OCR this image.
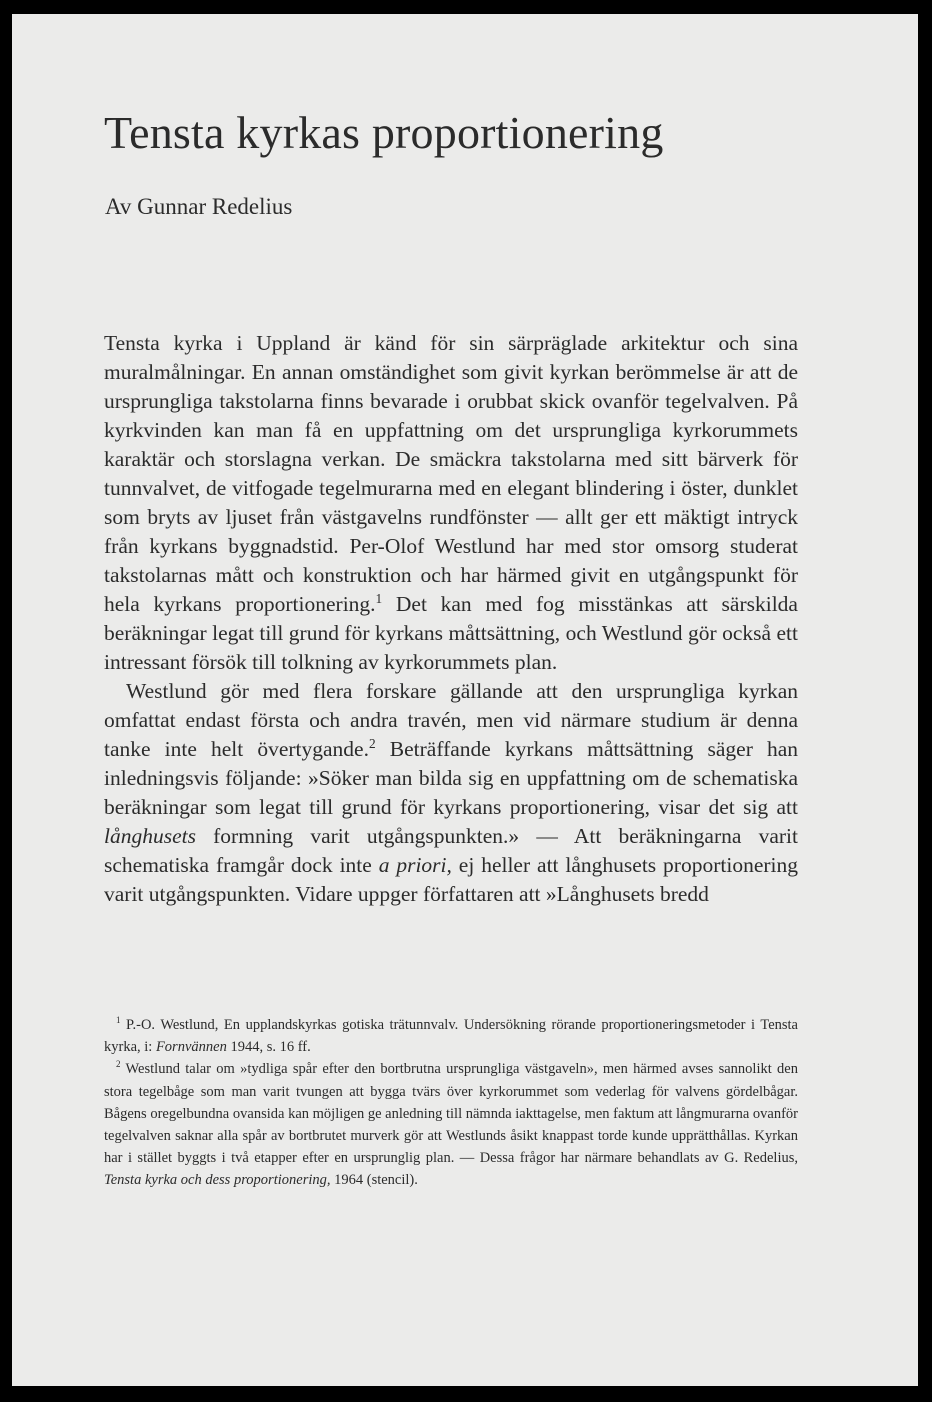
Tensta kyrkas proportionering
Av Gunnar Redelius

Tensta kyrka i Uppland är känd för sin särpräglade arkitektur och sina muralmålningar. En annan omständighet som givit kyrkan berömmelse är att de ursprungliga takstolarna finns bevarade i orubbat skick ovanför tegelvalven. På kyrkvinden kan man få en uppfattning om det ursprungliga kyrkorummets karaktär och storslagna verkan. De smäckra takstolarna med sitt bärverk för tunnvalvet, de vitfogade tegelmurarna med en elegant blindering i öster, dunklet som bryts av ljuset från västgavelns rundfönster — allt ger ett mäktigt intryck från kyrkans byggnadstid. Per-Olof Westlund har med stor omsorg studerat takstolarnas mått och konstruktion och har härmed givit en utgångspunkt för hela kyrkans proportionering.$^1$ Det kan med fog misstänkas att särskilda beräkningar legat till grund för kyrkans måttsättning, och Westlund gör också ett intressant försök till tolkning av kyrkorummets plan.

Westlund gör med flera forskare gällande att den ursprungliga kyrkan omfattat endast första och andra travén, men vid närmare studium är denna tanke inte helt övertygande.$^2$ Beträffande kyrkans måttsättning säger han inledningsvis följande: »Söker man bilda sig en uppfattning om de schematiska beräkningar som legat till grund för kyrkans proportionering, visar det sig att långhusets formning varit utgångspunkten.» — Att beräkningarna varit schematiska framgår dock inte a priori, ej heller att långhusets proportionering varit utgångspunkten. Vidare uppger författaren att »Långhusets bredd

$^1$ P.-O. Westlund, En upplandskyrkas gotiska trätunnvalv. Undersökning rörande proportioneringsmetoder i Tensta kyrka, i: Fornvännen 1944, s. 16 ff.

$^2$ Westlund talar om »tydliga spår efter den bortbrutna ursprungliga västgaveln», men härmed avses sannolikt den stora tegelbåge som man varit tvungen att bygga tvärs över kyrkorummet som vederlag för valvens gördelbågar. Bågens oregelbundna ovansida kan möjligen ge anledning till nämnda iakttagelse, men faktum att långmurarna ovanför tegelvalven saknar alla spår av bortbrutet murverk gör att Westlunds åsikt knappast torde kunde upprätthållas. Kyrkan har i stället byggts i två etapper efter en ursprunglig plan. — Dessa frågor har närmare behandlats av G. Redelius, Tensta kyrka och dess proportionering, 1964 (stencil).
